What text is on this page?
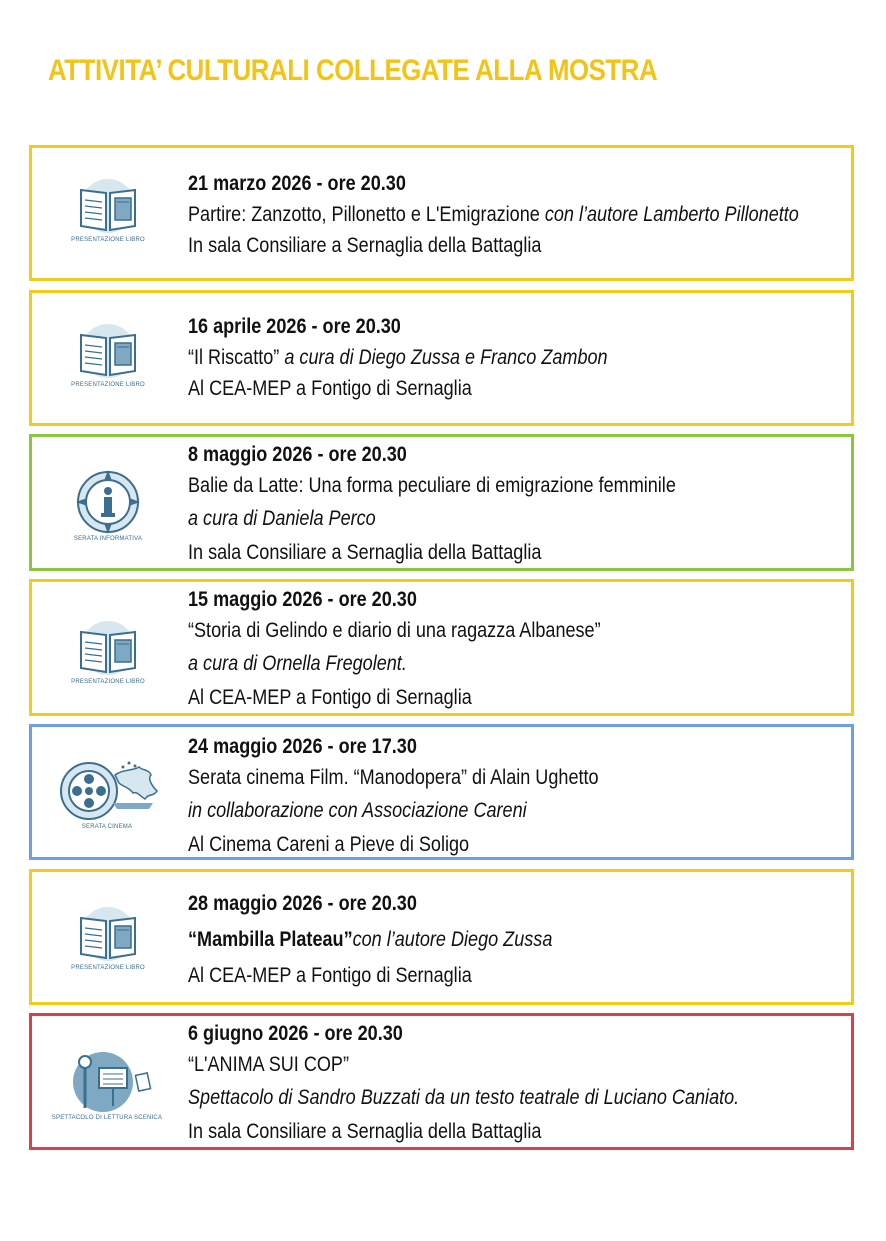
ATTIVITA’ CULTURALI COLLEGATE ALLA MOSTRA
PRESENTAZIONE LIBRO
21 marzo 2026 - ore 20.30
Partire: Zanzotto, Pillonetto e L'Emigrazione con l’autore Lamberto Pillonetto
In sala Consiliare a Sernaglia della Battaglia
PRESENTAZIONE LIBRO
16 aprile 2026 - ore 20.30
“Il Riscatto” a cura di Diego Zussa e Franco Zambon
Al CEA-MEP a Fontigo di Sernaglia
SERATA INFORMATIVA
8 maggio 2026 - ore 20.30
Balie da Latte: Una forma peculiare di emigrazione femminile
a cura di Daniela Perco
In sala Consiliare a Sernaglia della Battaglia
PRESENTAZIONE LIBRO
15 maggio 2026 - ore 20.30
“Storia di Gelindo e diario di una ragazza Albanese”
a cura di Ornella Fregolent.
Al CEA-MEP a Fontigo di Sernaglia
SERATA CINEMA
24 maggio 2026 - ore 17.30
Serata cinema Film. “Manodopera” di Alain Ughetto
in collaborazione con Associazione Careni
Al Cinema Careni a Pieve di Soligo
PRESENTAZIONE LIBRO
28 maggio 2026 - ore 20.30
“Mambilla Plateau”con l’autore Diego Zussa
Al CEA-MEP a Fontigo di Sernaglia
SPETTACOLO DI LETTURA SCENICA
6 giugno 2026 - ore 20.30
“L'ANIMA SUI COP”
Spettacolo di Sandro Buzzati da un testo teatrale di Luciano Caniato.
In sala Consiliare a Sernaglia della Battaglia
